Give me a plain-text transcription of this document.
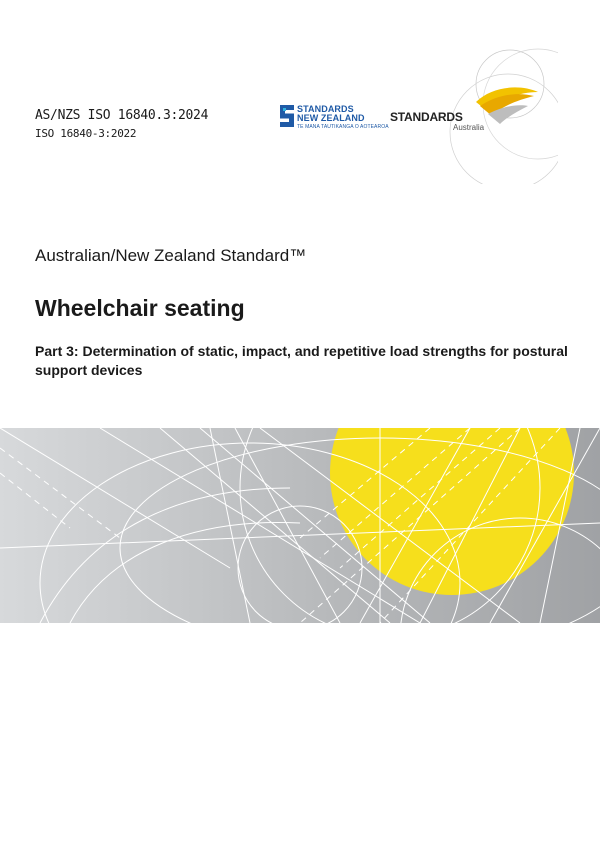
AS/NZS ISO 16840.3:2024
ISO 16840-3:2022
STANDARDS
NEW ZEALAND
TE MANA TAUTIKANGA O AOTEAROA
STANDARDS
Australia
Australian/New Zealand Standard™
Wheelchair seating
Part 3: Determination of static, impact, and repetitive load strengths for postural support devices
